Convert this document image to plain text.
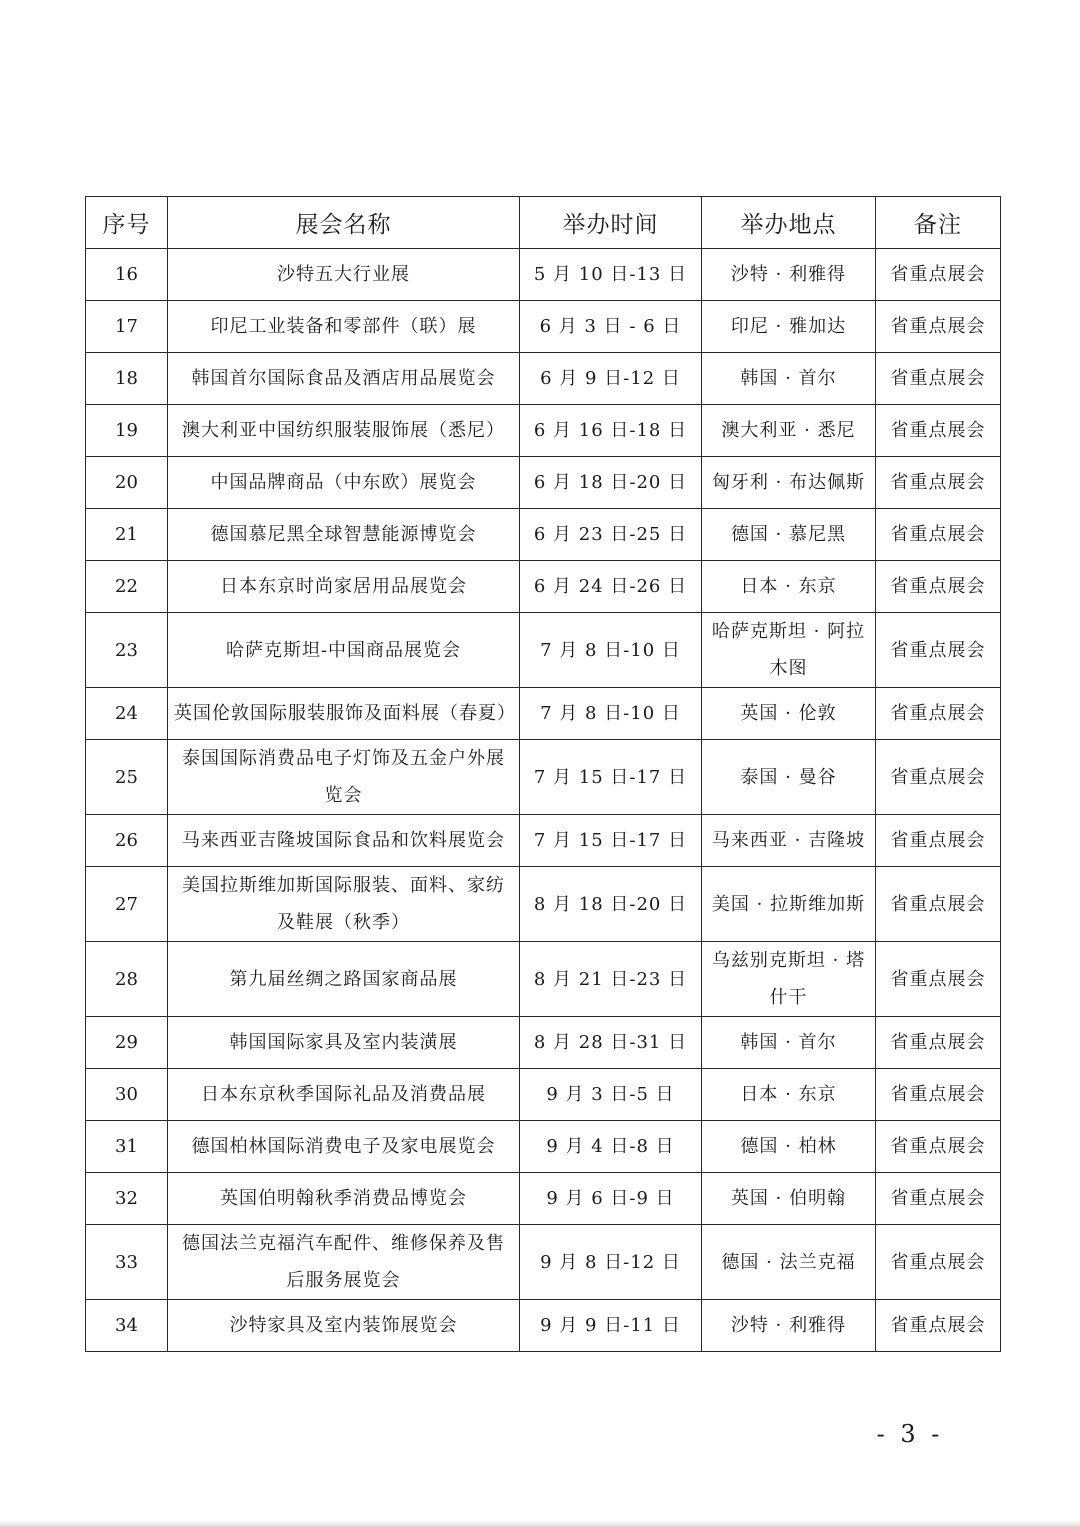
序号	展会名称	举办时间	举办地点	备注
16	沙特五大行业展	5 月 10 日-13 日	沙特 · 利雅得	省重点展会
17	印尼工业装备和零部件（联）展	6 月 3 日 - 6 日	印尼 · 雅加达	省重点展会
18	韩国首尔国际食品及酒店用品展览会	6 月 9 日-12 日	韩国 · 首尔	省重点展会
19	澳大利亚中国纺织服装服饰展（悉尼）	6 月 16 日-18 日	澳大利亚 · 悉尼	省重点展会
20	中国品牌商品（中东欧）展览会	6 月 18 日-20 日	匈牙利 · 布达佩斯	省重点展会
21	德国慕尼黑全球智慧能源博览会	6 月 23 日-25 日	德国 · 慕尼黑	省重点展会
22	日本东京时尚家居用品展览会	6 月 24 日-26 日	日本 · 东京	省重点展会
23	哈萨克斯坦-中国商品展览会	7 月 8 日-10 日	哈萨克斯坦 · 阿拉木图	省重点展会
24	英国伦敦国际服装服饰及面料展（春夏）	7 月 8 日-10 日	英国 · 伦敦	省重点展会
25	泰国国际消费品电子灯饰及五金户外展览会	7 月 15 日-17 日	泰国 · 曼谷	省重点展会
26	马来西亚吉隆坡国际食品和饮料展览会	7 月 15 日-17 日	马来西亚 · 吉隆坡	省重点展会
27	美国拉斯维加斯国际服装、面料、家纺及鞋展（秋季）	8 月 18 日-20 日	美国 · 拉斯维加斯	省重点展会
28	第九届丝绸之路国家商品展	8 月 21 日-23 日	乌兹别克斯坦 · 塔什干	省重点展会
29	韩国国际家具及室内装潢展	8 月 28 日-31 日	韩国 · 首尔	省重点展会
30	日本东京秋季国际礼品及消费品展	9 月 3 日-5 日	日本 · 东京	省重点展会
31	德国柏林国际消费电子及家电展览会	9 月 4 日-8 日	德国 · 柏林	省重点展会
32	英国伯明翰秋季消费品博览会	9 月 6 日-9 日	英国 · 伯明翰	省重点展会
33	德国法兰克福汽车配件、维修保养及售后服务展览会	9 月 8 日-12 日	德国 · 法兰克福	省重点展会
34	沙特家具及室内装饰展览会	9 月 9 日-11 日	沙特 · 利雅得	省重点展会
- 3 -
